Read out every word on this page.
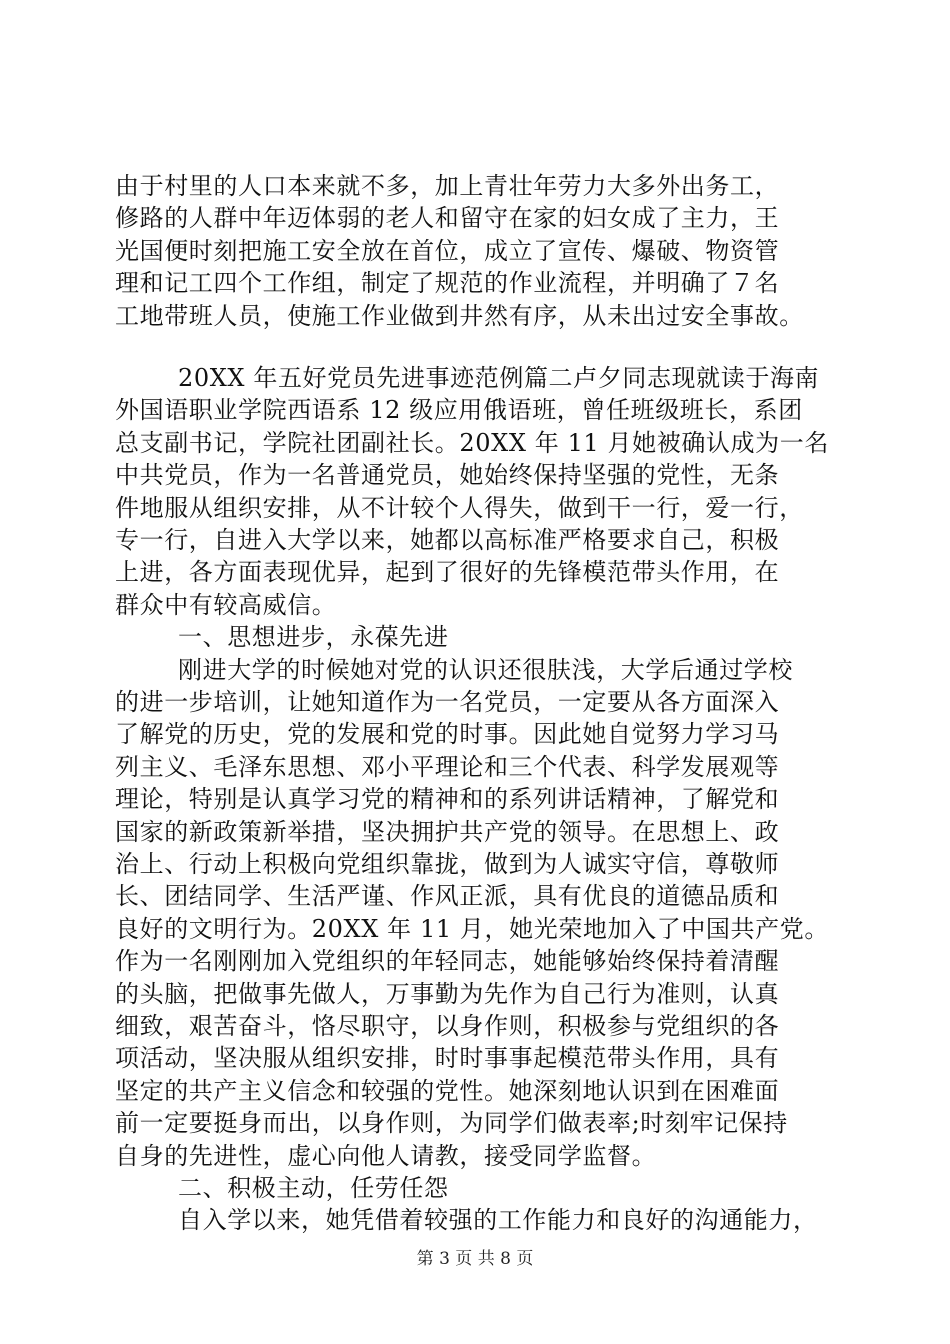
由于村里的人口本来就不多，加上青壮年劳力大多外出务工，
修路的人群中年迈体弱的老人和留守在家的妇女成了主力，王
光国便时刻把施工安全放在首位，成立了宣传、爆破、物资管
理和记工四个工作组，制定了规范的作业流程，并明确了７名
工地带班人员，使施工作业做到井然有序，从未出过安全事故。
20XX 年五好党员先进事迹范例篇二卢夕同志现就读于海南
外国语职业学院西语系 12 级应用俄语班，曾任班级班长，系团
总支副书记，学院社团副社长。20XX 年 11 月她被确认成为一名
中共党员，作为一名普通党员，她始终保持坚强的党性，无条
件地服从组织安排，从不计较个人得失，做到干一行，爱一行，
专一行，自进入大学以来，她都以高标准严格要求自己，积极
上进，各方面表现优异，起到了很好的先锋模范带头作用，在
群众中有较高威信。
一、思想进步，永葆先进
刚进大学的时候她对党的认识还很肤浅，大学后通过学校
的进一步培训，让她知道作为一名党员，一定要从各方面深入
了解党的历史，党的发展和党的时事。因此她自觉努力学习马
列主义、毛泽东思想、邓小平理论和三个代表、科学发展观等
理论，特别是认真学习党的精神和的系列讲话精神，了解党和
国家的新政策新举措，坚决拥护共产党的领导。在思想上、政
治上、行动上积极向党组织靠拢，做到为人诚实守信，尊敬师
长、团结同学、生活严谨、作风正派，具有优良的道德品质和
良好的文明行为。20XX 年 11 月，她光荣地加入了中国共产党。
作为一名刚刚加入党组织的年轻同志，她能够始终保持着清醒
的头脑，把做事先做人，万事勤为先作为自己行为准则，认真
细致，艰苦奋斗，恪尽职守，以身作则，积极参与党组织的各
项活动，坚决服从组织安排，时时事事起模范带头作用，具有
坚定的共产主义信念和较强的党性。她深刻地认识到在困难面
前一定要挺身而出，以身作则，为同学们做表率;时刻牢记保持
自身的先进性，虚心向他人请教，接受同学监督。
二、积极主动，任劳任怨
自入学以来，她凭借着较强的工作能力和良好的沟通能力，
第 3 页 共 8 页
